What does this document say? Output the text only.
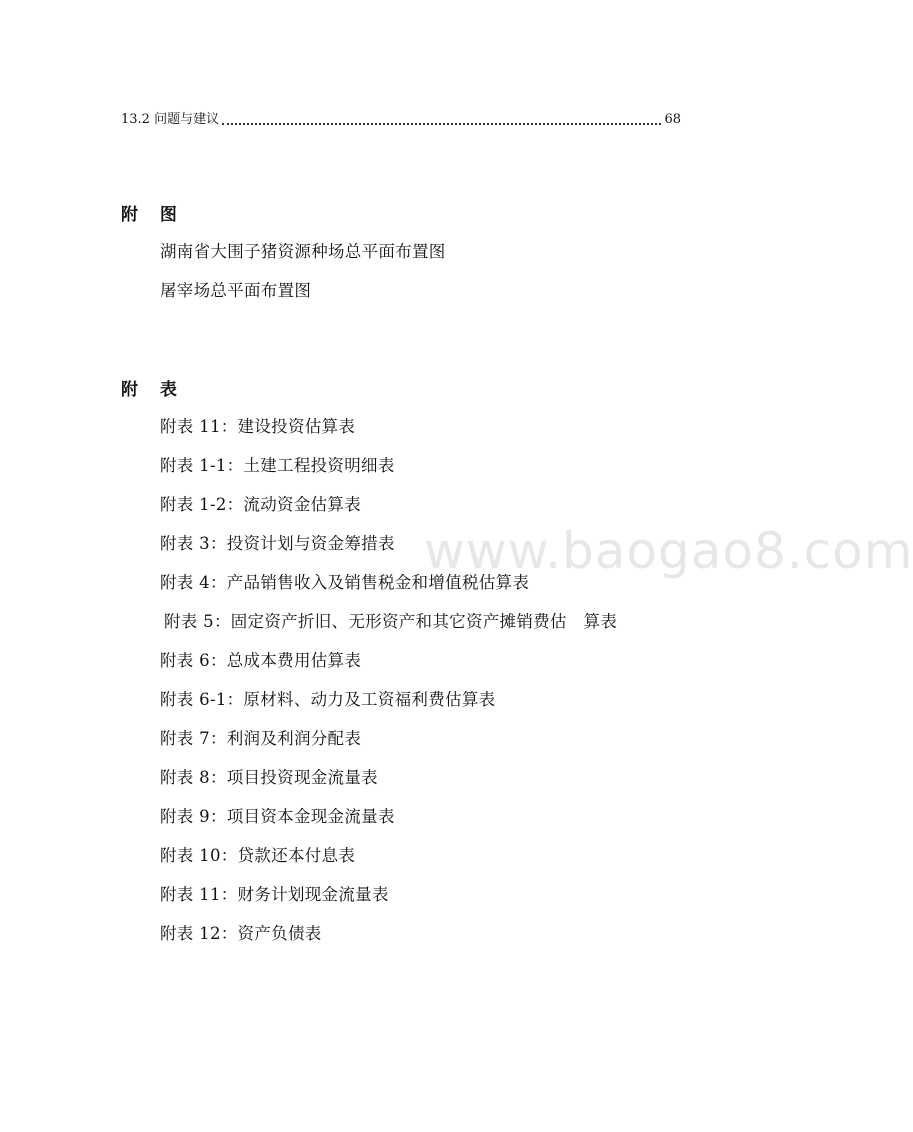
13.2 问题与建议	68
附 图
湖南省大围子猪资源种场总平面布置图
屠宰场总平面布置图
附 表
附表 11：建设投资估算表
附表 1-1：土建工程投资明细表
附表 1-2：流动资金估算表
附表 3：投资计划与资金筹措表
附表 4：产品销售收入及销售税金和增值税估算表
附表 5：固定资产折旧、无形资产和其它资产摊销费估　算表
附表 6：总成本费用估算表
附表 6-1：原材料、动力及工资福利费估算表
附表 7：利润及利润分配表
附表 8：项目投资现金流量表
附表 9：项目资本金现金流量表
附表 10：贷款还本付息表
附表 11：财务计划现金流量表
附表 12：资产负债表
www.baogao8.com
